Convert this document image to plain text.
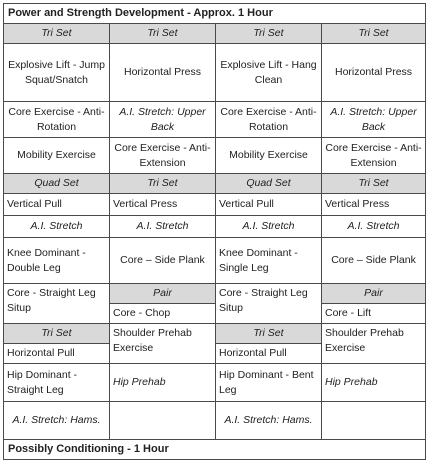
Power and Strength Development - Approx. 1 Hour			
Tri Set	Tri Set	Tri Set	Tri Set
Explosive Lift - Jump Squat/Snatch	Horizontal Press	Explosive Lift - Hang Clean	Horizontal Press
Core Exercise - Anti-Rotation	A.I. Stretch: Upper Back	Core Exercise - Anti-Rotation	A.I. Stretch: Upper Back
Mobility Exercise	Core Exercise - Anti-Extension	Mobility Exercise	Core Exercise - Anti-Extension
Quad Set	Tri Set	Quad Set	Tri Set
Vertical Pull	Vertical Press	Vertical Pull	Vertical Press
A.I. Stretch	A.I. Stretch	A.I. Stretch	A.I. Stretch
Knee Dominant - Double Leg	Core – Side Plank	Knee Dominant - Single Leg	Core – Side Plank
Core - Straight Leg Situp	Pair	Core - Straight Leg Situp	Pair
	Core - Chop		Core - Lift
Tri Set	Shoulder Prehab Exercise	Tri Set	Shoulder Prehab Exercise
Horizontal Pull		Horizontal Pull	
Hip Dominant - Straight Leg	Hip Prehab	Hip Dominant - Bent Leg	Hip Prehab
A.I. Stretch: Hams.		A.I. Stretch: Hams.	
Possibly Conditioning - 1 Hour			
